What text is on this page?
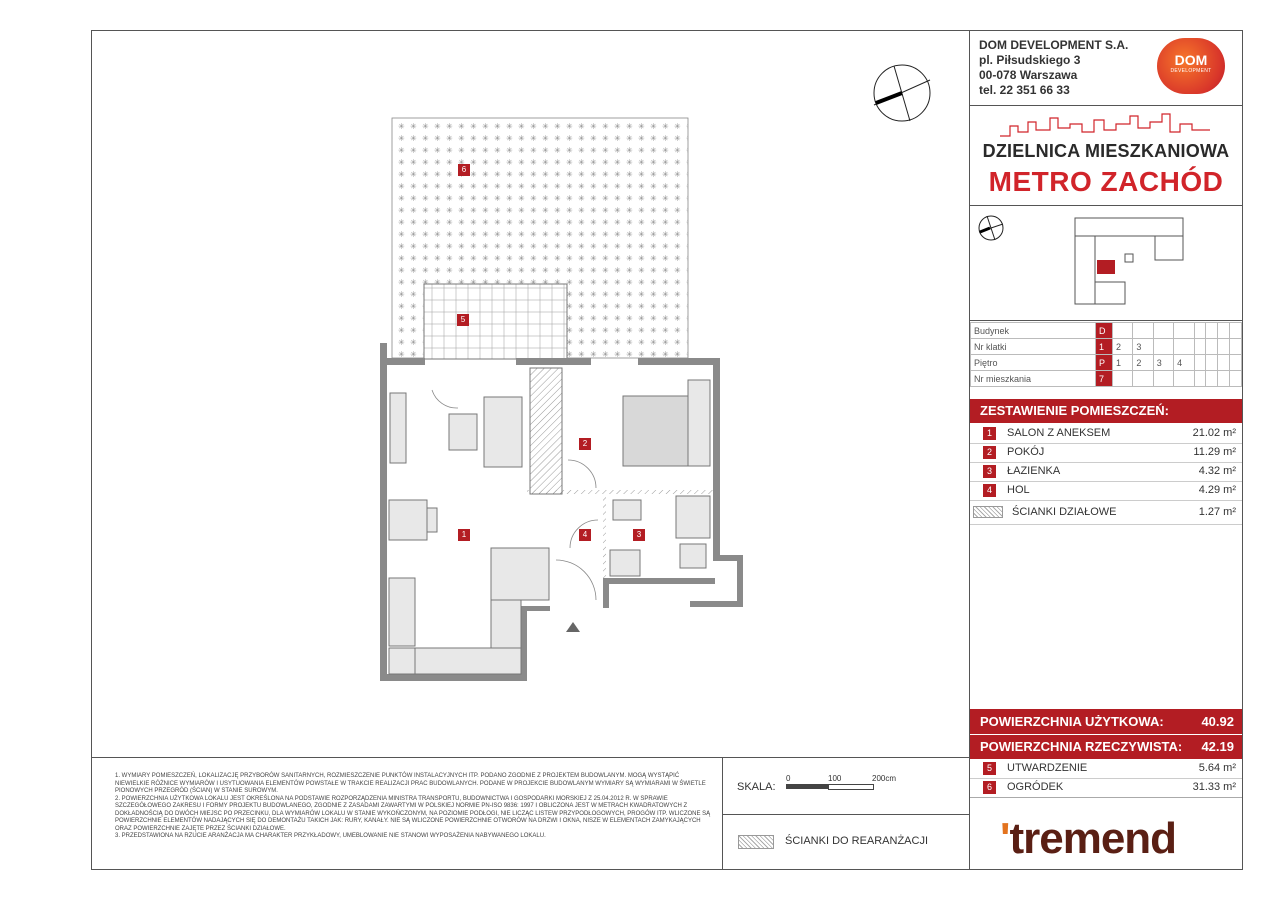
6
5
2
1	4	3
DOM DEVELOPMENT S.A.
pl. Piłsudskiego 3
00-078 Warszawa
tel. 22 351 66 33
DOM
DEVELOPMENT
DZIELNICA MIESZKANIOWA
METRO ZACHÓD
Budynek	D								
Nr klatki	1	2	3						
Piętro	P	1	2	3	4				
Nr mieszkania	7								
ZESTAWIENIE POMIESZCZEŃ:
1	SALON Z ANEKSEM	21.02 m²
2	POKÓJ	11.29 m²
3	ŁAZIENKA	4.32 m²
4	HOL	4.29 m²
ŚCIANKI DZIAŁOWE	1.27 m²
POWIERZCHNIA UŻYTKOWA:	40.92
POWIERZCHNIA RZECZYWISTA: 42.19
5	UTWARDZENIE	5.64 m²
6	OGRÓDEK	31.33 m²
1. WYMIARY POMIESZCZEŃ, LOKALIZACJĘ PRZYBORÓW SANITARNYCH, ROZMIESZCZENIE PUNKTÓW INSTALACYJNYCH ITP. PODANO ZGODNIE Z PROJEKTEM BUDOWLANYM. MOGĄ WYSTĄPIĆ NIEWIELKIE RÓŻNICE WYMIARÓW I USYTUOWANIA ELEMENTÓW POWSTAŁE W TRAKCIE REALIZACJI PRAC BUDOWLANYCH. PODANE W PROJEKCIE BUDOWLANYM WYMIARY SĄ WYMIARAMI W ŚWIETLE PIONOWYCH PRZEGRÓD (ŚCIAN) W STANIE SUROWYM.
2. POWIERZCHNIA UŻYTKOWA LOKALU JEST OKREŚLONA NA PODSTAWIE ROZPORZĄDZENIA MINISTRA TRANSPORTU, BUDOWNICTWA I GOSPODARKI MORSKIEJ Z 25.04.2012 R. W SPRAWIE SZCZEGÓŁOWEGO ZAKRESU I FORMY PROJEKTU BUDOWLANEGO, ZGODNIE Z ZASADAMI ZAWARTYMI W POLSKIEJ NORMIE PN-ISO 9836: 1997 I OBLICZONA JEST W METRACH KWADRATOWYCH Z DOKŁADNOŚCIĄ DO DWÓCH MIEJSC PO PRZECINKU, DLA WYMIARÓW LOKALU W STANIE WYKOŃCZONYM, NA POZIOMIE PODŁOGI, NIE LICZĄC LISTEW PRZYPODŁOGOWYCH, PROGÓW ITP. WLICZONE SĄ POWIERZCHNIE ELEMENTÓW NADAJĄCYCH SIĘ DO DEMONTAŻU TAKICH JAK: RURY, KANAŁY. NIE SĄ WLICZONE POWIERZCHNIE OTWORÓW NA DRZWI I OKNA, NISZE W ELEMENTACH ZAMYKAJĄCYCH ORAZ POWIERZCHNIE ZAJĘTE PRZEZ ŚCIANKI DZIAŁOWE.
3. PRZEDSTAWIONA NA RZUCIE ARANŻACJA MA CHARAKTER PRZYKŁADOWY, UMEBLOWANIE NIE STANOWI WYPOSAŻENIA NABYWANEGO LOKALU.
SKALA:
0	100	200cm
ŚCIANKI DO REARANŻACJI 'tremend
